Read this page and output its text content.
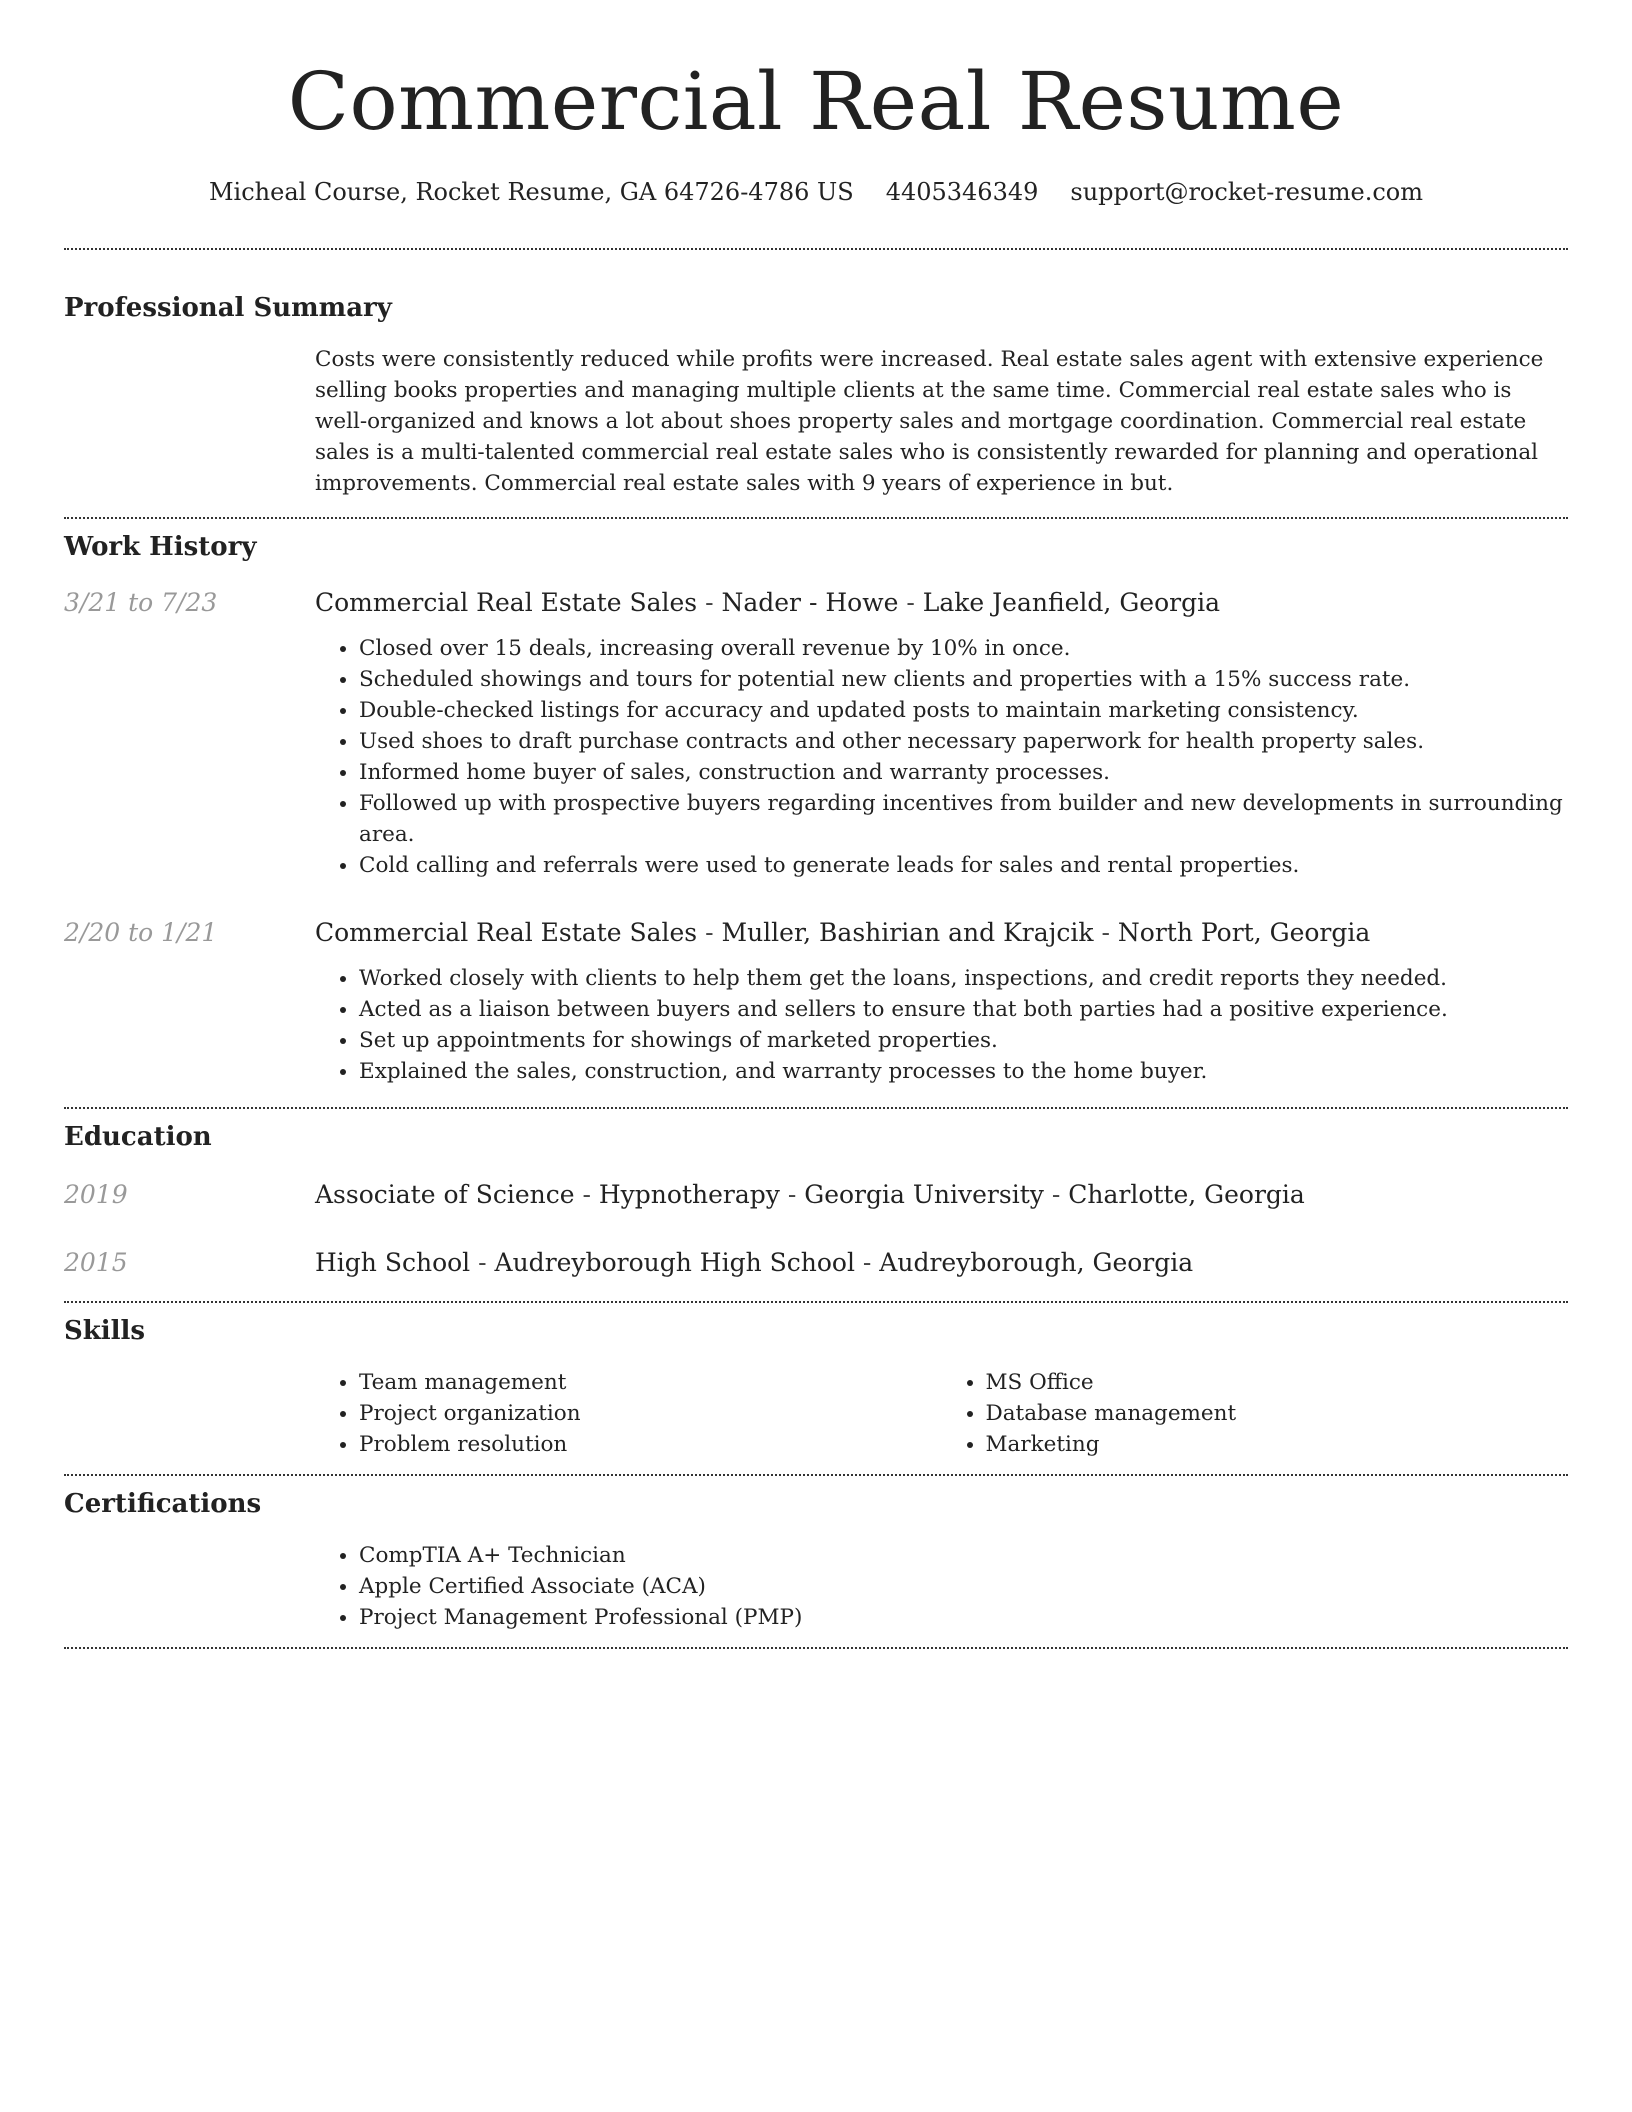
Commercial Real Resume
Micheal Course, Rocket Resume, GA 64726-4786 US 4405346349 support@rocket-resume.com
Professional Summary

Costs were consistently reduced while profits were increased. Real estate sales agent with extensive experience selling books properties and managing multiple clients at the same time. Commercial real estate sales who is well-organized and knows a lot about shoes property sales and mortgage coordination. Commercial real estate sales is a multi-talented commercial real estate sales who is consistently rewarded for planning and operational improvements. Commercial real estate sales with 9 years of experience in but.

Work History
3/21 to 7/23	Commercial Real Estate Sales - Nader - Howe - Lake Jeanfield, Georgia
• Closed over 15 deals, increasing overall revenue by 10% in once.
• Scheduled showings and tours for potential new clients and properties with a 15% success rate.
• Double-checked listings for accuracy and updated posts to maintain marketing consistency.
• Used shoes to draft purchase contracts and other necessary paperwork for health property sales.
• Informed home buyer of sales, construction and warranty processes.
• Followed up with prospective buyers regarding incentives from builder and new developments in surrounding area.
• Cold calling and referrals were used to generate leads for sales and rental properties.
2/20 to 1/21	Commercial Real Estate Sales - Muller, Bashirian and Krajcik - North Port, Georgia
• Worked closely with clients to help them get the loans, inspections, and credit reports they needed.
• Acted as a liaison between buyers and sellers to ensure that both parties had a positive experience.
• Set up appointments for showings of marketed properties.
• Explained the sales, construction, and warranty processes to the home buyer.
Education
2019	Associate of Science - Hypnotherapy - Georgia University - Charlotte, Georgia
2015	High School - Audreyborough High School - Audreyborough, Georgia
Skills
• Team management
• Project organization
• Problem resolution
• MS Office
• Database management
• Marketing
Certifications
• CompTIA A+ Technician
• Apple Certified Associate (ACA)
• Project Management Professional (PMP)
